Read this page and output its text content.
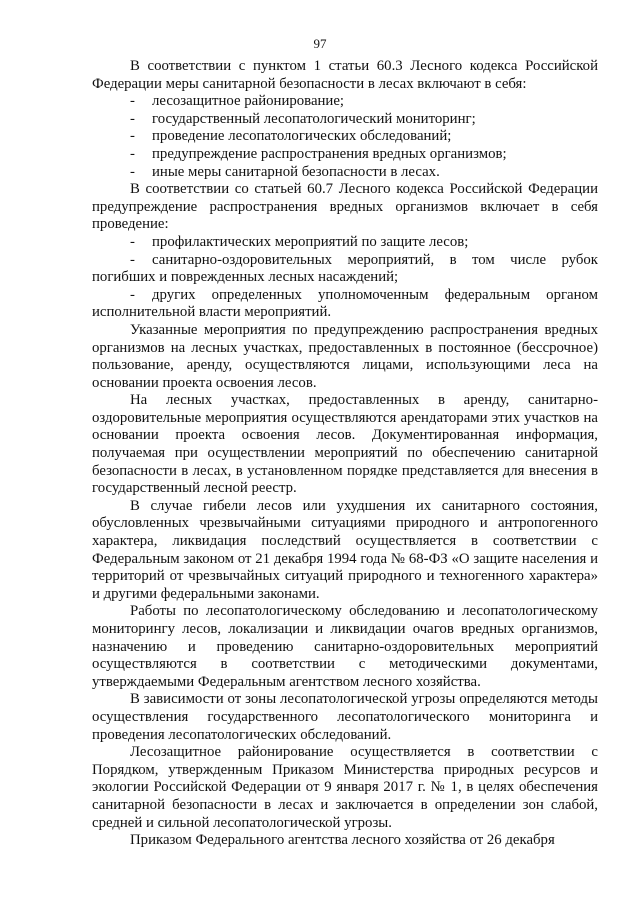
97

В соответствии с пунктом 1 статьи 60.3 Лесного кодекса Российской Федерации меры санитарной безопасности в лесах включают в себя:

-	лесозащитное районирование;
-	государственный лесопатологический мониторинг;
-	проведение лесопатологических обследований;
-	предупреждение распространения вредных организмов;
-	иные меры санитарной безопасности в лесах.

В соответствии со статьей 60.7 Лесного кодекса Российской Федерации предупреждение распространения вредных организмов включает в себя проведение:

-	профилактических мероприятий по защите лесов;
-	санитарно-оздоровительных мероприятий, в том числе рубок погибших и поврежденных лесных насаждений;
-	других определенных уполномоченным федеральным органом исполнительной власти мероприятий.

Указанные мероприятия по предупреждению распространения вредных организмов на лесных участках, предоставленных в постоянное (бессрочное) пользование, аренду, осуществляются лицами, использующими леса на основании проекта освоения лесов.

На лесных участках, предоставленных в аренду, санитарно-оздоровительные мероприятия осуществляются арендаторами этих участков на основании проекта освоения лесов. Документированная информация, получаемая при осуществлении мероприятий по обеспечению санитарной безопасности в лесах, в установленном порядке представляется для внесения в государственный лесной реестр.

В случае гибели лесов или ухудшения их санитарного состояния, обусловленных чрезвычайными ситуациями природного и антропогенного характера, ликвидация последствий осуществляется в соответствии с Федеральным законом от 21 декабря 1994 года № 68-ФЗ «О защите населения и территорий от чрезвычайных ситуаций природного и техногенного характера» и другими федеральными законами.

Работы по лесопатологическому обследованию и лесопатологическому мониторингу лесов, локализации и ликвидации очагов вредных организмов, назначению и проведению санитарно-оздоровительных мероприятий осуществляются в соответствии с методическими документами, утверждаемыми Федеральным агентством лесного хозяйства.

В зависимости от зоны лесопатологической угрозы определяются методы осуществления государственного лесопатологического мониторинга и проведения лесопатологических обследований.

Лесозащитное районирование осуществляется в соответствии с Порядком, утвержденным Приказом Министерства природных ресурсов и экологии Российской Федерации от 9 января 2017 г. № 1, в целях обеспечения санитарной безопасности в лесах и заключается в определении зон слабой, средней и сильной лесопатологической угрозы.

Приказом Федерального агентства лесного хозяйства от 26 декабря
